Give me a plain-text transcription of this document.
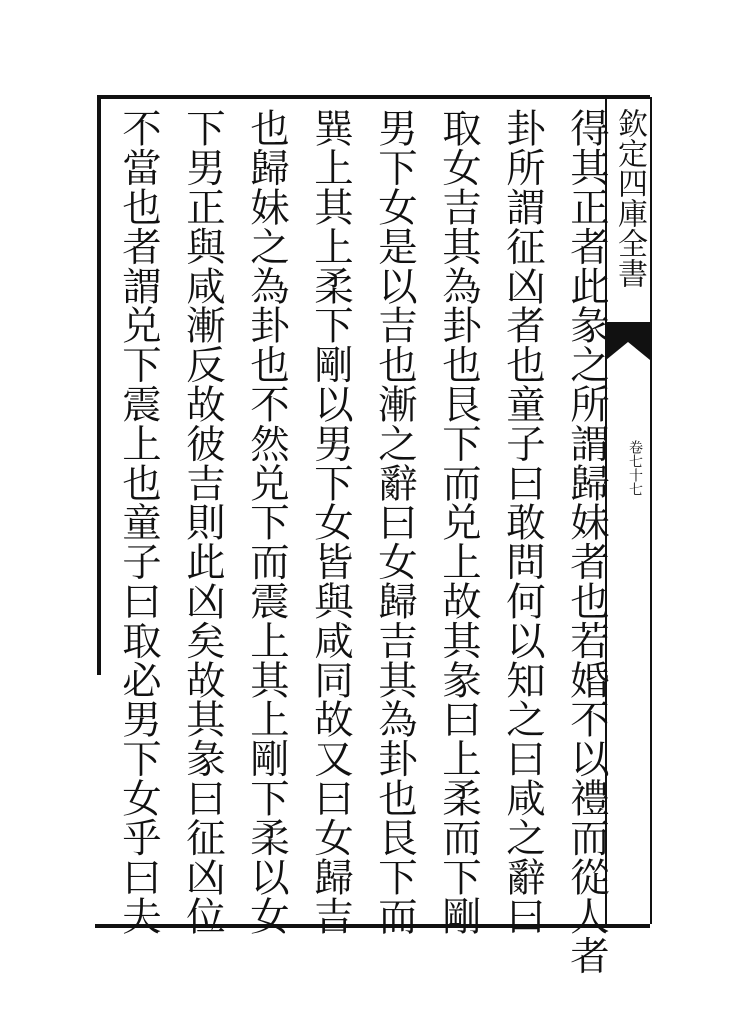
欽定四庫全書
卷七十七
得其正者此彖之所謂歸妹者也若婚不以禮而從人者
卦所謂征凶者也童子曰敢問何以知之曰咸之辭曰
取女吉其為卦也艮下而兑上故其彖曰上柔而下剛
男下女是以吉也漸之辭曰女歸吉其為卦也艮下而
巽上其上柔下剛以男下女皆與咸同故又曰女歸吉
也歸妹之為卦也不然兑下而震上其上剛下柔以女
下男正與咸漸反故彼吉則此凶矣故其彖曰征凶位
不當也者謂兑下震上也童子曰取必男下女乎曰夫
